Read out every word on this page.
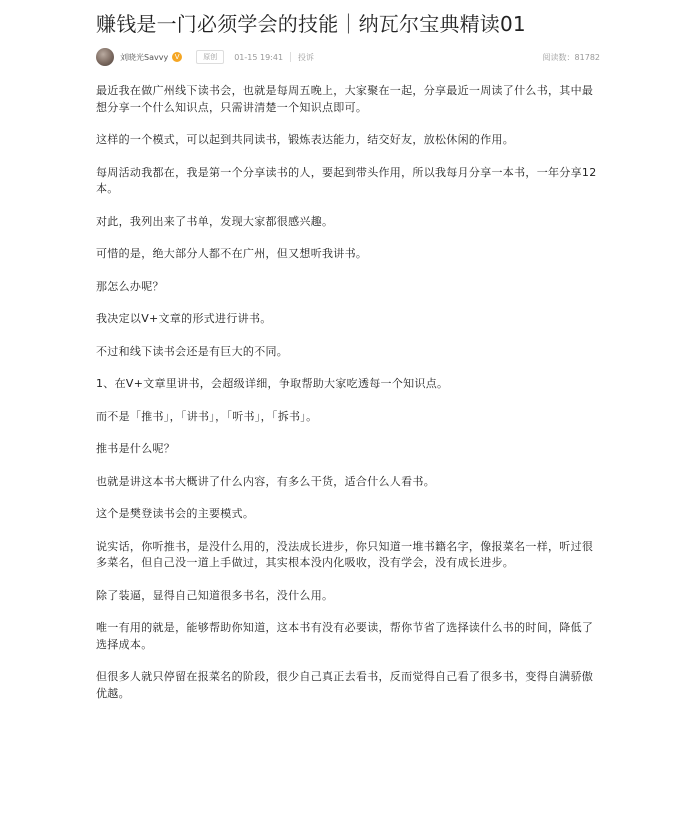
赚钱是一门必须学会的技能｜纳瓦尔宝典精读01
刘晓光Savvy V	原创	01-15 19:41 投诉	阅读数：81782

最近我在做广州线下读书会，也就是每周五晚上，大家聚在一起，分享最近一周读了什么书，其中最想分享一个什么知识点，只需讲清楚一个知识点即可。

这样的一个模式，可以起到共同读书，锻炼表达能力，结交好友，放松休闲的作用。

每周活动我都在，我是第一个分享读书的人，要起到带头作用，所以我每月分享一本书，一年分享12本。

对此，我列出来了书单，发现大家都很感兴趣。

可惜的是，绝大部分人都不在广州，但又想听我讲书。

那怎么办呢？

我决定以V+文章的形式进行讲书。

不过和线下读书会还是有巨大的不同。

1、在V+文章里讲书，会超级详细，争取帮助大家吃透每一个知识点。

而不是「推书」，「讲书」，「听书」，「拆书」。

推书是什么呢？

也就是讲这本书大概讲了什么内容，有多么干货，适合什么人看书。

这个是樊登读书会的主要模式。

说实话，你听推书，是没什么用的，没法成长进步，你只知道一堆书籍名字，像报菜名一样，听过很多菜名，但自己没一道上手做过，其实根本没内化吸收，没有学会，没有成长进步。

除了装逼，显得自己知道很多书名，没什么用。

唯一有用的就是，能够帮助你知道，这本书有没有必要读，帮你节省了选择读什么书的时间，降低了选择成本。

但很多人就只停留在报菜名的阶段，很少自己真正去看书，反而觉得自己看了很多书，变得自满骄傲优越。
